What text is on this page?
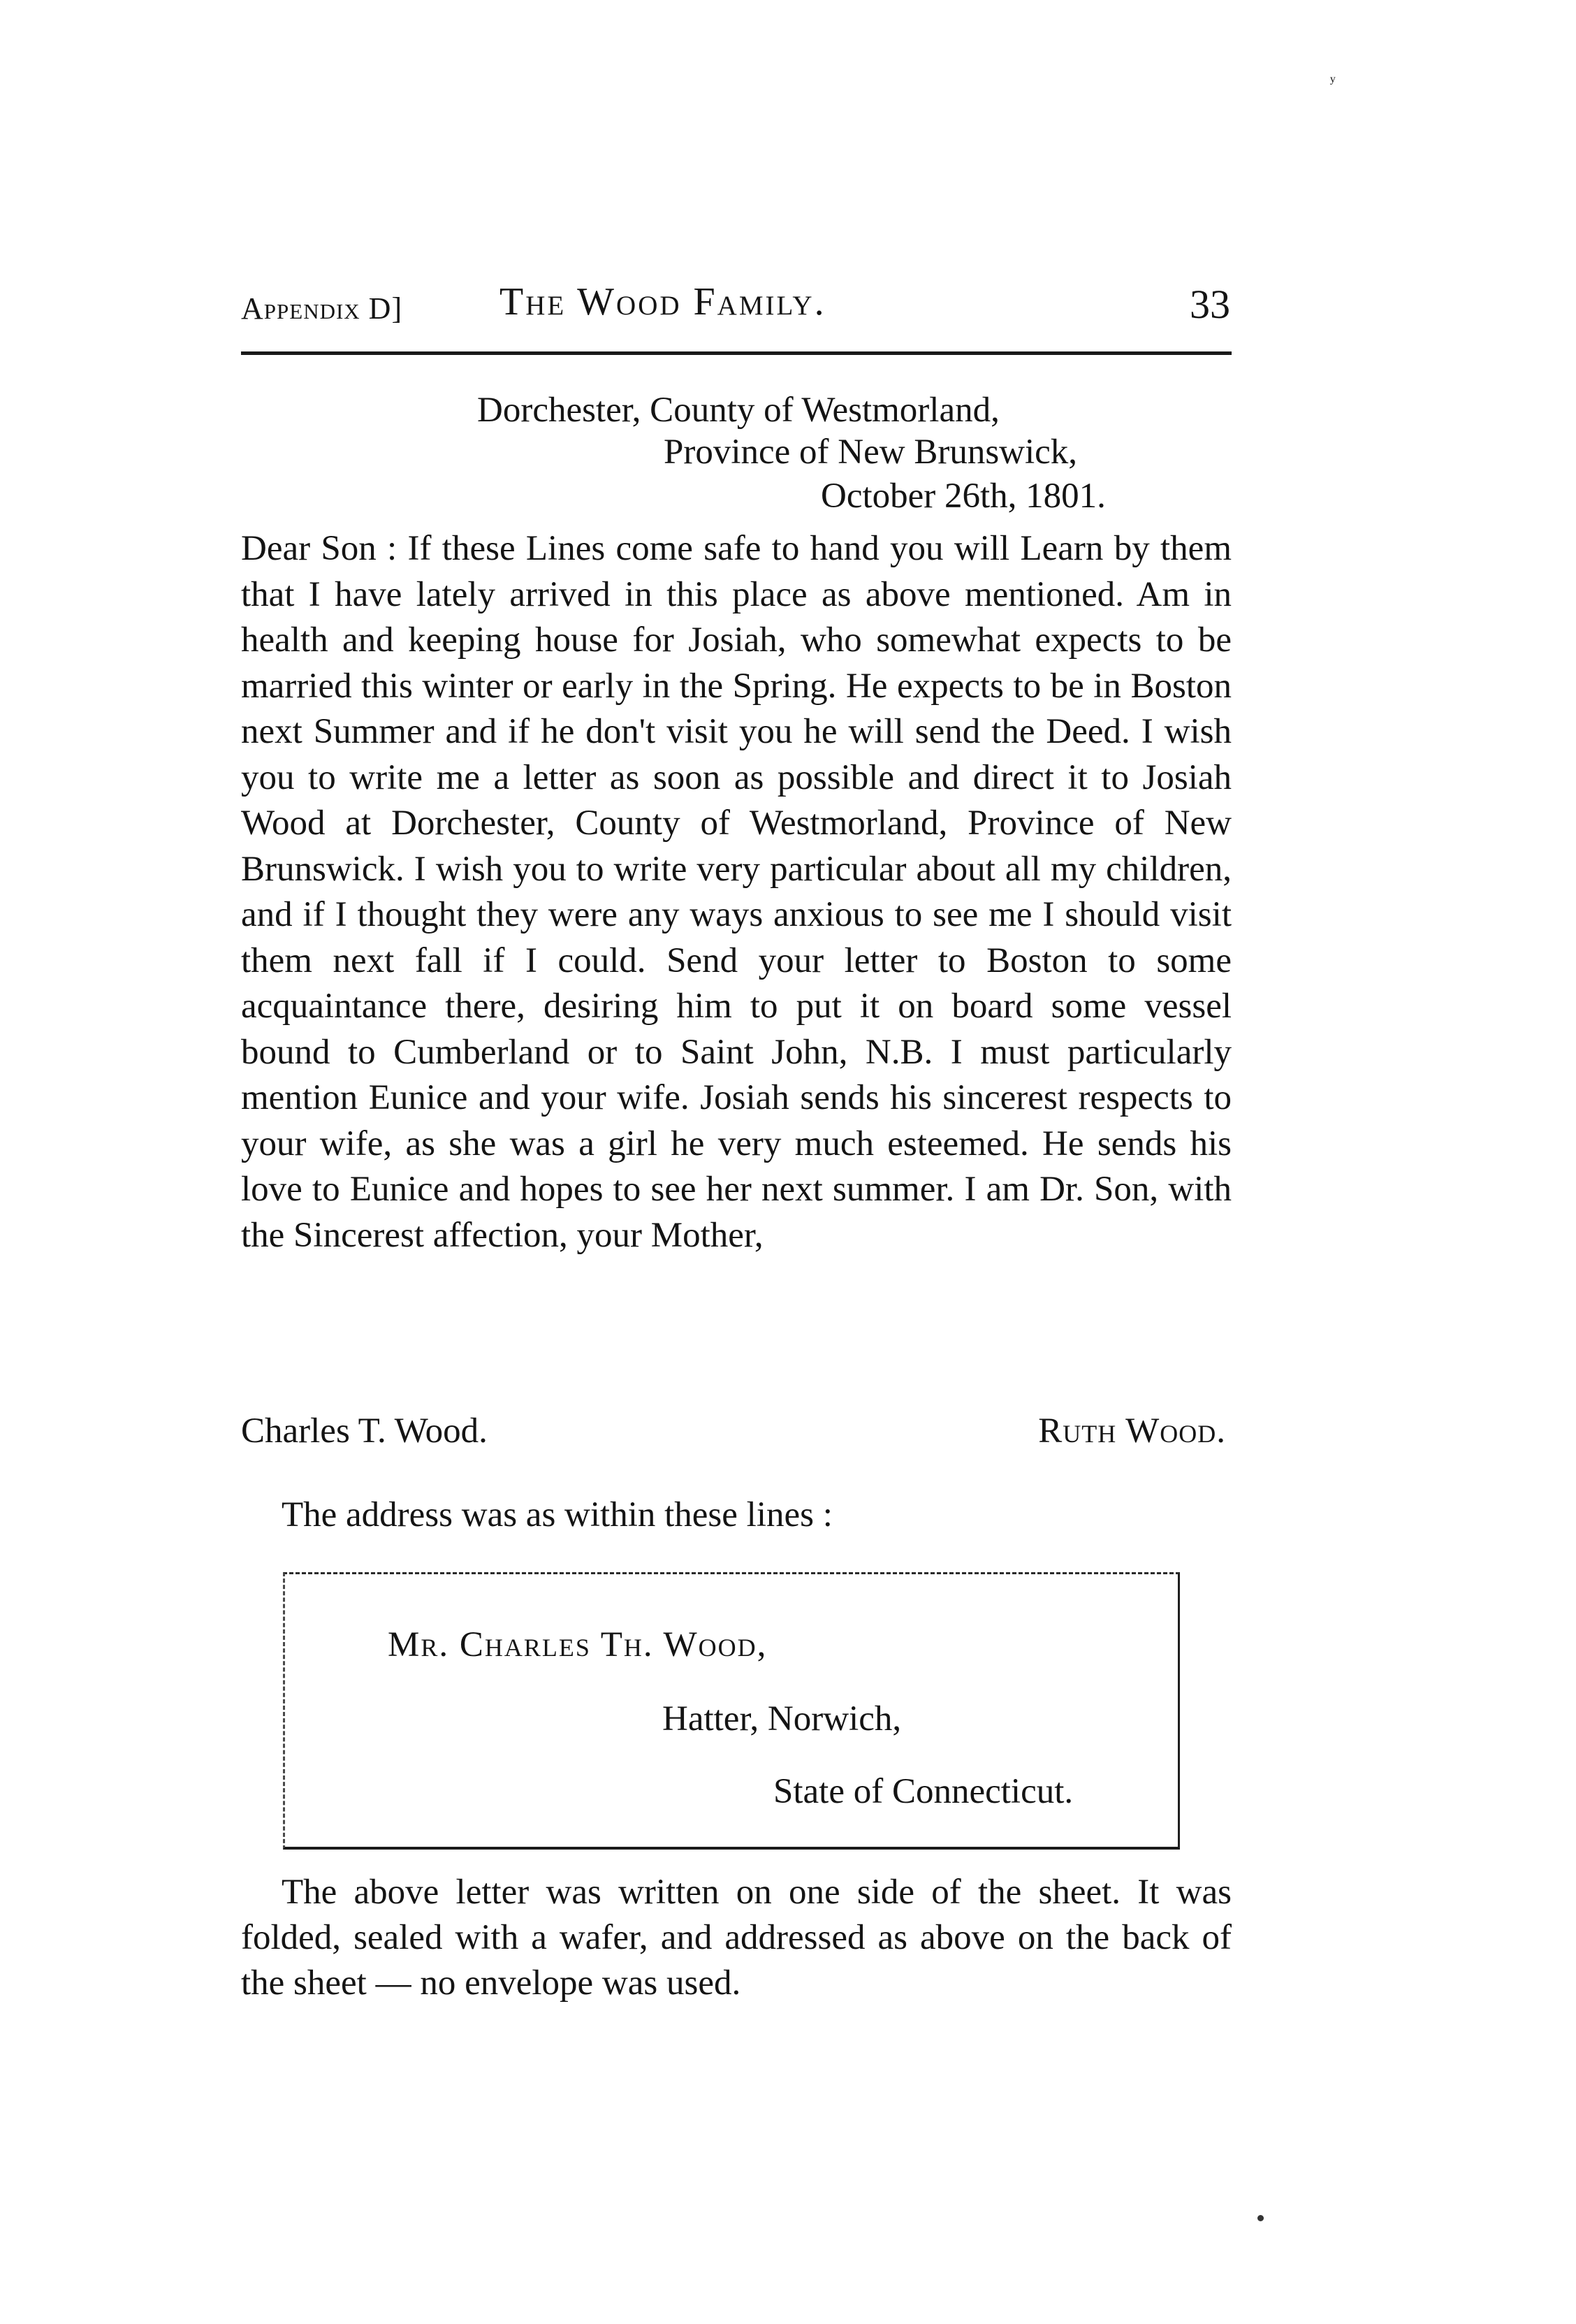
ʸ
Appendix D] The Wood Family.	33
Dorchester, County of Westmorland,
Province of New Brunswick,
October 26th, 1801.

Dear Son : If these Lines come safe to hand you will Learn by them that I have lately arrived in this place as above mentioned. Am in health and keeping house for Josiah, who somewhat expects to be married this winter or early in the Spring. He expects to be in Boston next Summer and if he don't visit you he will send the Deed. I wish you to write me a letter as soon as possible and direct it to Josiah Wood at Dorchester, County of Westmorland, Province of New Brunswick. I wish you to write very particular about all my children, and if I thought they were any ways anxious to see me I should visit them next fall if I could. Send your letter to Boston to some acquaintance there, desiring him to put it on board some vessel bound to Cumberland or to Saint John, N.B. I must particularly mention Eunice and your wife. Josiah sends his sincerest respects to your wife, as she was a girl he very much esteemed. He sends his love to Eunice and hopes to see her next summer. I am Dr. Son, with the Sincerest affection, your Mother,

Charles T. Wood.	Ruth Wood.
The address was as within these lines :
Mr. Charles Th. Wood,
Hatter, Norwich,
State of Connecticut.

The above letter was written on one side of the sheet. It was folded, sealed with a wafer, and addressed as above on the back of the sheet — no envelope was used.
